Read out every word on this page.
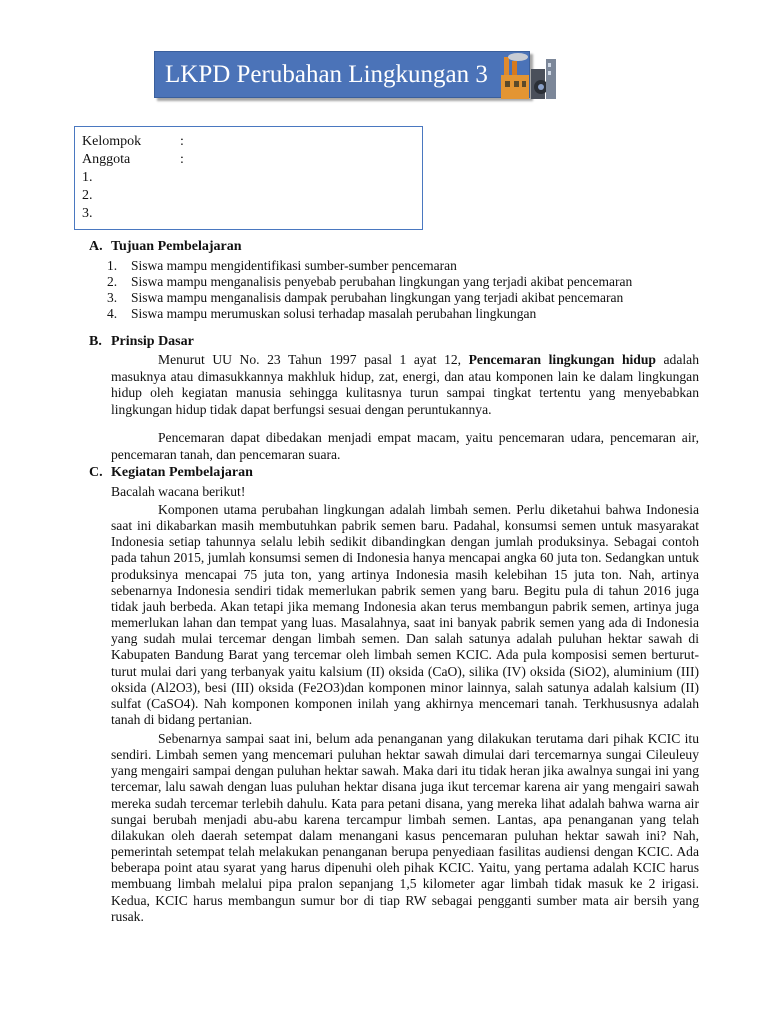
LKPD Perubahan Lingkungan 3
Kelompok	:
Anggota	:
1.
2.
3.
A. Tujuan Pembelajaran
1. Siswa mampu mengidentifikasi sumber-sumber pencemaran
2. Siswa mampu menganalisis penyebab perubahan lingkungan yang terjadi akibat pencemaran
3. Siswa mampu menganalisis dampak perubahan lingkungan yang terjadi akibat pencemaran
4. Siswa mampu merumuskan solusi terhadap masalah perubahan lingkungan
B. Prinsip Dasar

Menurut UU No. 23 Tahun 1997 pasal 1 ayat 12, Pencemaran lingkungan hidup adalah masuknya atau dimasukkannya makhluk hidup, zat, energi, dan atau komponen lain ke dalam lingkungan hidup oleh kegiatan manusia sehingga kulitasnya turun sampai tingkat tertentu yang menyebabkan lingkungan hidup tidak dapat berfungsi sesuai dengan peruntukannya.

Pencemaran dapat dibedakan menjadi empat macam, yaitu pencemaran udara, pencemaran air, pencemaran tanah, dan pencemaran suara.

C. Kegiatan Pembelajaran
Bacalah wacana berikut!

Komponen utama perubahan lingkungan adalah limbah semen. Perlu diketahui bahwa Indonesia saat ini dikabarkan masih membutuhkan pabrik semen baru. Padahal, konsumsi semen untuk masyarakat Indonesia setiap tahunnya selalu lebih sedikit dibandingkan dengan jumlah produksinya. Sebagai contoh pada tahun 2015, jumlah konsumsi semen di Indonesia hanya mencapai angka 60 juta ton. Sedangkan untuk produksinya mencapai 75 juta ton, yang artinya Indonesia masih kelebihan 15 juta ton. Nah, artinya sebenarnya Indonesia sendiri tidak memerlukan pabrik semen yang baru. Begitu pula di tahun 2016 juga tidak jauh berbeda. Akan tetapi jika memang Indonesia akan terus membangun pabrik semen, artinya juga memerlukan lahan dan tempat yang luas. Masalahnya, saat ini banyak pabrik semen yang ada di Indonesia yang sudah mulai tercemar dengan limbah semen. Dan salah satunya adalah puluhan hektar sawah di Kabupaten Bandung Barat yang tercemar oleh limbah semen KCIC. Ada pula komposisi semen berturut-turut mulai dari yang terbanyak yaitu kalsium (II) oksida (CaO), silika (IV) oksida (SiO2), aluminium (III) oksida (Al2O3), besi (III) oksida (Fe2O3)dan komponen minor lainnya, salah satunya adalah kalsium (II) sulfat (CaSO4). Nah komponen komponen inilah yang akhirnya mencemari tanah. Terkhususnya adalah tanah di bidang pertanian.

Sebenarnya sampai saat ini, belum ada penanganan yang dilakukan terutama dari pihak KCIC itu sendiri. Limbah semen yang mencemari puluhan hektar sawah dimulai dari tercemarnya sungai Cileuleuy yang mengairi sampai dengan puluhan hektar sawah. Maka dari itu tidak heran jika awalnya sungai ini yang tercemar, lalu sawah dengan luas puluhan hektar disana juga ikut tercemar karena air yang mengairi sawah mereka sudah tercemar terlebih dahulu. Kata para petani disana, yang mereka lihat adalah bahwa warna air sungai berubah menjadi abu-abu karena tercampur limbah semen. Lantas, apa penanganan yang telah dilakukan oleh daerah setempat dalam menangani kasus pencemaran puluhan hektar sawah ini? Nah, pemerintah setempat telah melakukan penanganan berupa penyediaan fasilitas audiensi dengan KCIC. Ada beberapa point atau syarat yang harus dipenuhi oleh pihak KCIC. Yaitu, yang pertama adalah KCIC harus membuang limbah melalui pipa pralon sepanjang 1,5 kilometer agar limbah tidak masuk ke 2 irigasi. Kedua, KCIC harus membangun sumur bor di tiap RW sebagai pengganti sumber mata air bersih yang rusak.
